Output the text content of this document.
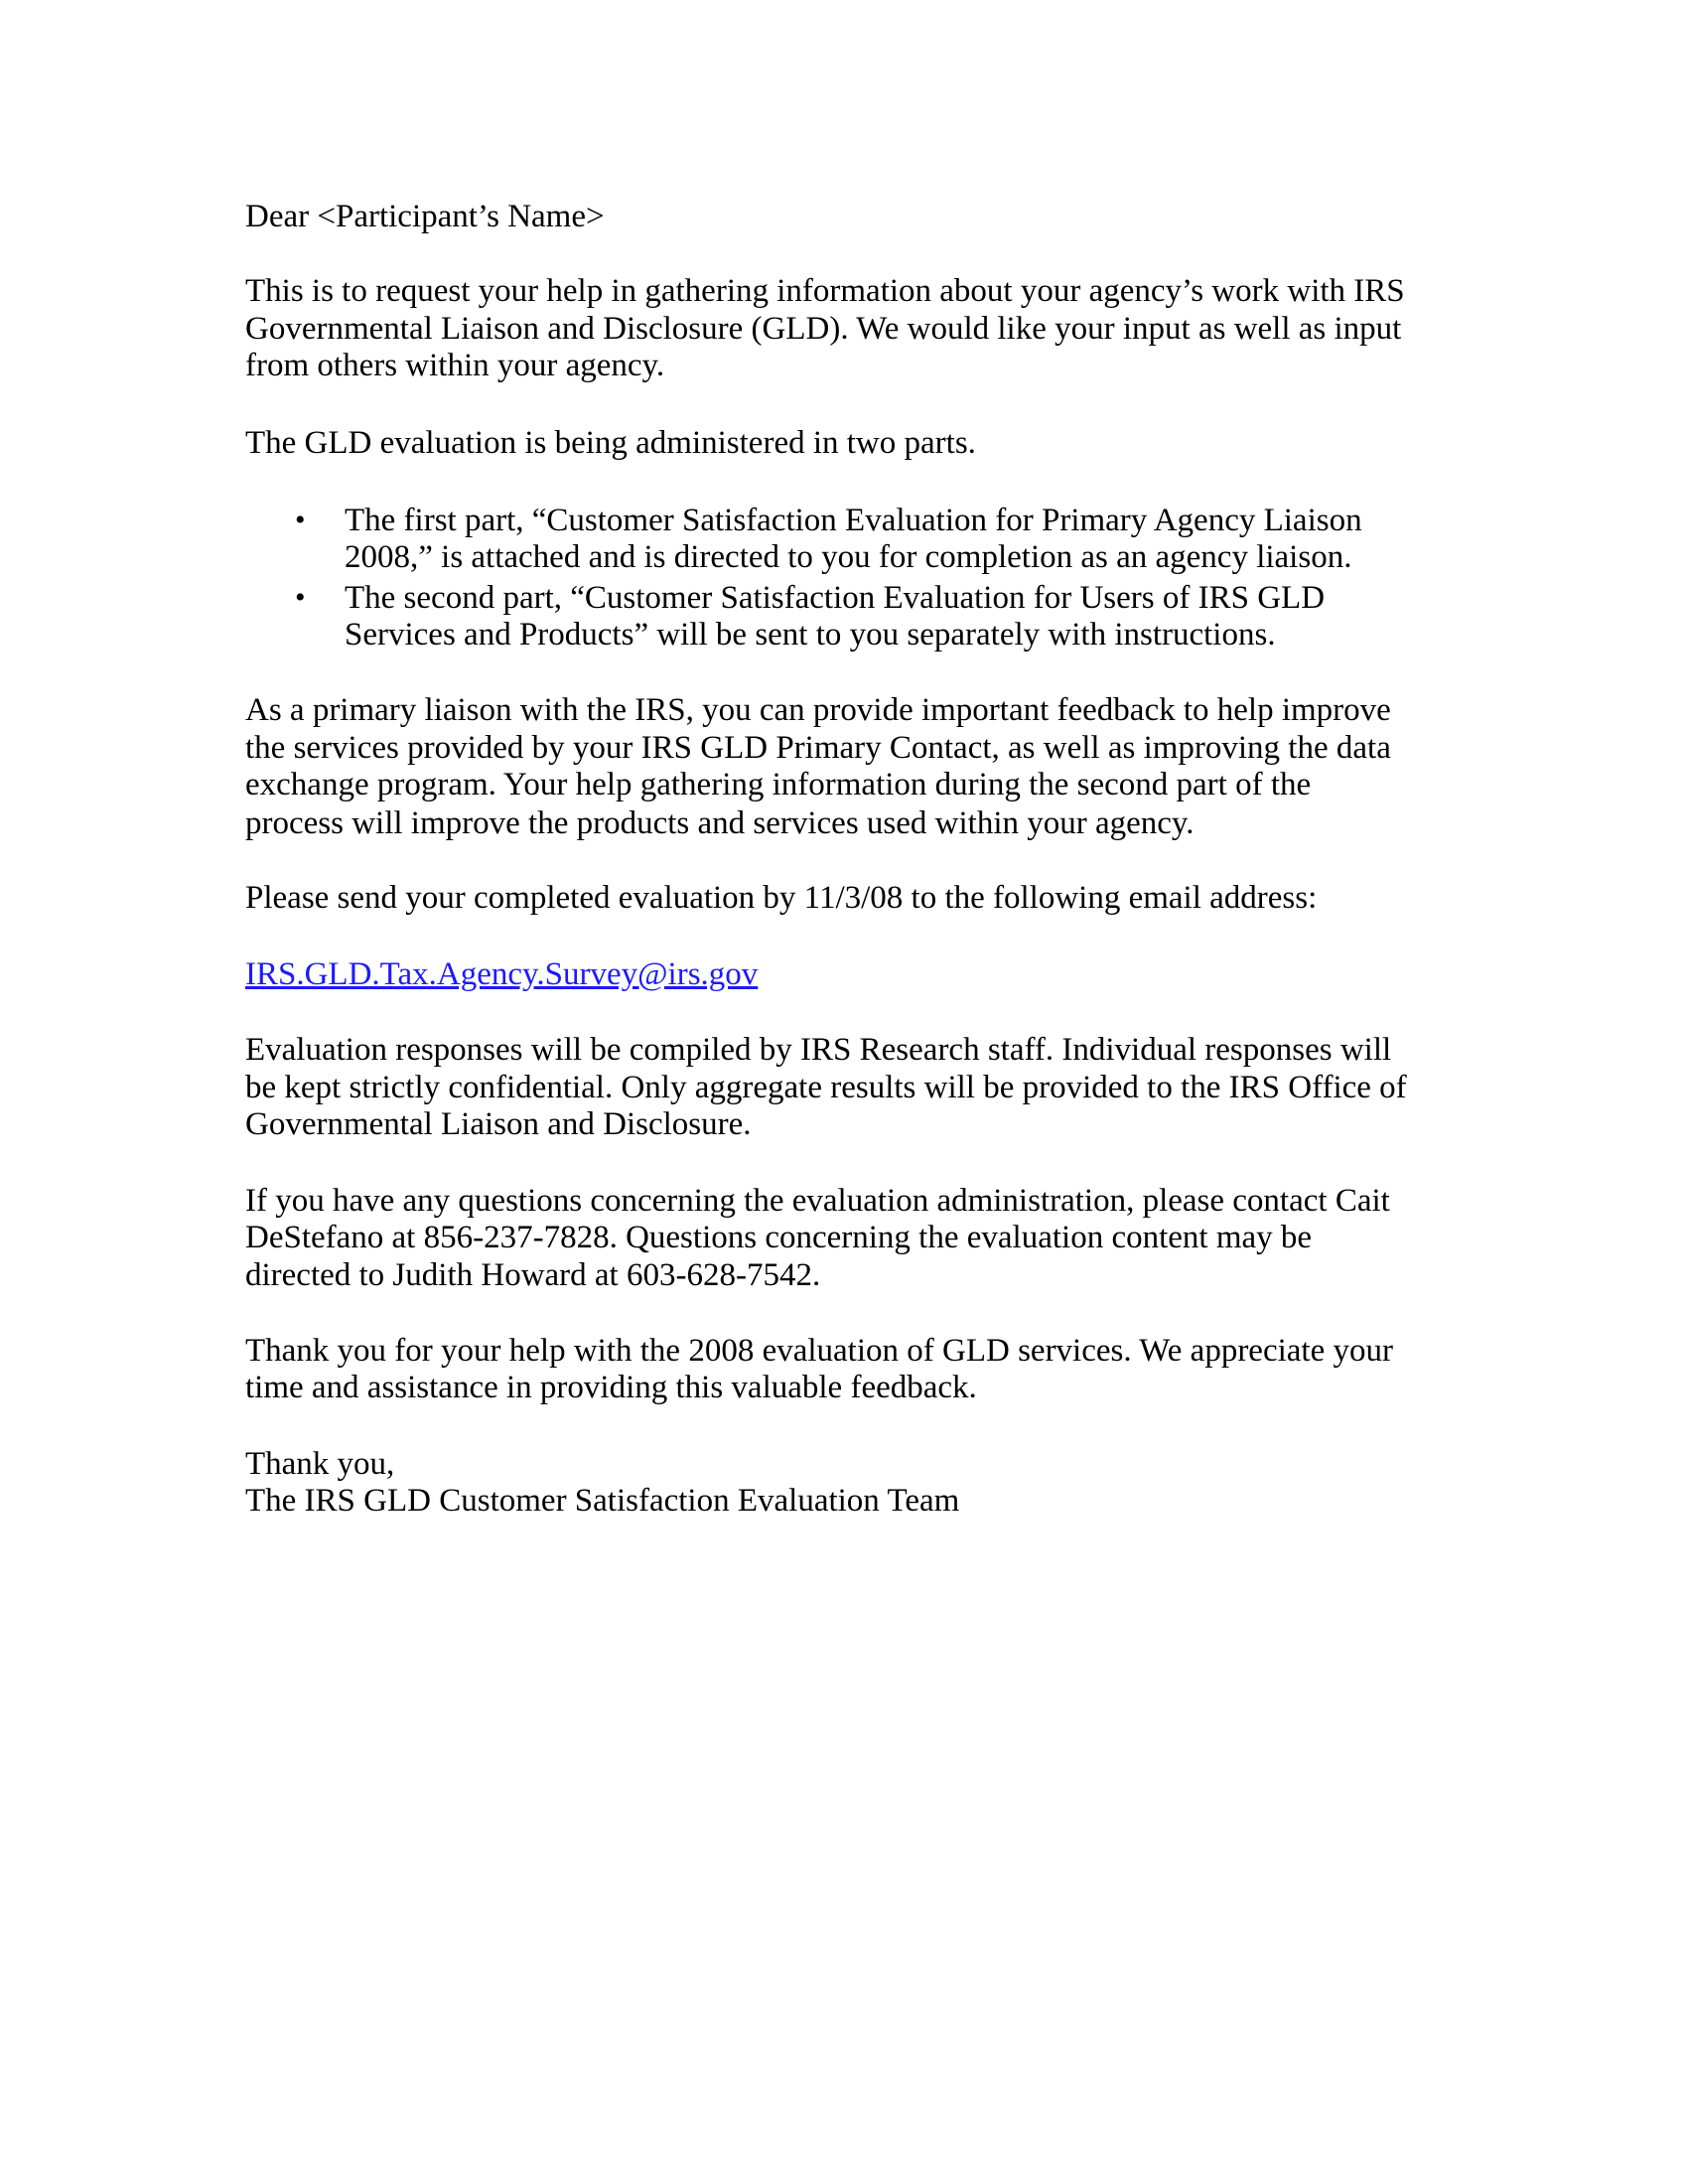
Dear <Participant’s Name>
This is to request your help in gathering information about your agency’s work with IRS
Governmental Liaison and Disclosure (GLD). We would like your input as well as input
from others within your agency.
The GLD evaluation is being administered in two parts.
• The first part, “Customer Satisfaction Evaluation for Primary Agency Liaison
2008,” is attached and is directed to you for completion as an agency liaison.
• The second part, “Customer Satisfaction Evaluation for Users of IRS GLD
Services and Products” will be sent to you separately with instructions.
As a primary liaison with the IRS, you can provide important feedback to help improve
the services provided by your IRS GLD Primary Contact, as well as improving the data
exchange program. Your help gathering information during the second part of the
process will improve the products and services used within your agency.
Please send your completed evaluation by 11/3/08 to the following email address:
IRS.GLD.Tax.Agency.Survey@irs.gov
Evaluation responses will be compiled by IRS Research staff. Individual responses will
be kept strictly confidential. Only aggregate results will be provided to the IRS Office of
Governmental Liaison and Disclosure.
If you have any questions concerning the evaluation administration, please contact Cait
DeStefano at 856-237-7828. Questions concerning the evaluation content may be
directed to Judith Howard at 603-628-7542.
Thank you for your help with the 2008 evaluation of GLD services. We appreciate your
time and assistance in providing this valuable feedback.
Thank you,
The IRS GLD Customer Satisfaction Evaluation Team
